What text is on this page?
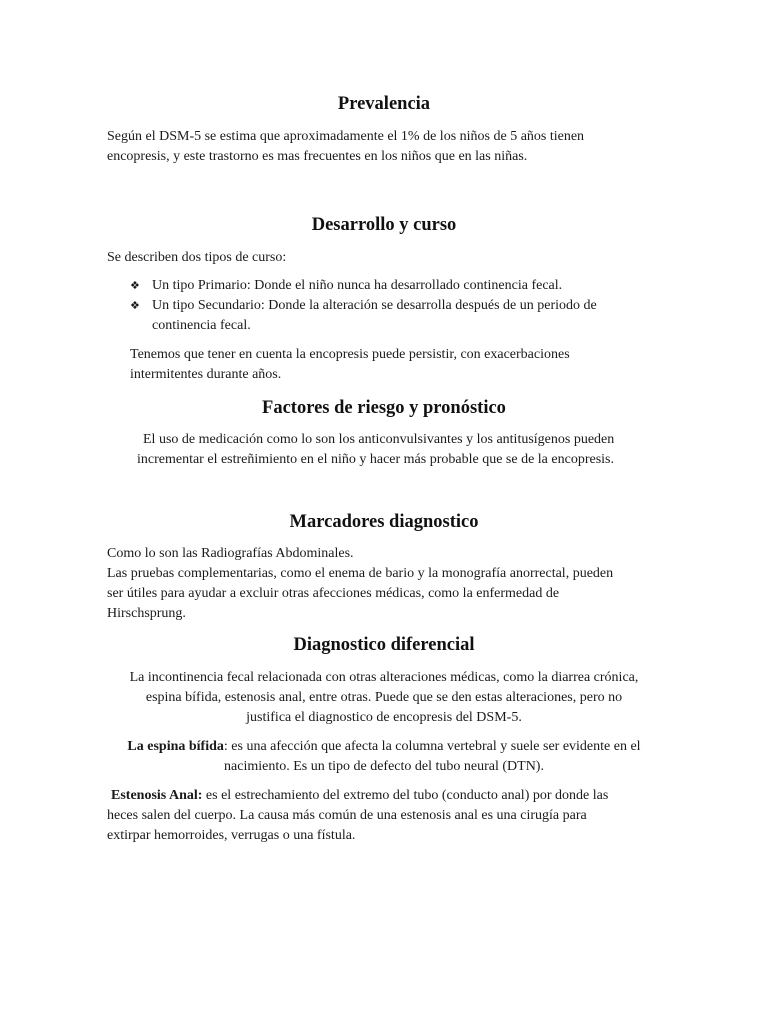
Prevalencia

Según el DSM-5 se estima que aproximadamente el 1% de los niños de 5 años tienen

encopresis, y este trastorno es mas frecuentes en los niños que en las niñas.

Desarrollo y curso

Se describen dos tipos de curso:

❖ Un tipo Primario: Donde el niño nunca ha desarrollado continencia fecal.
❖ Un tipo Secundario: Donde la alteración se desarrolla después de un periodo de continencia fecal.

Tenemos que tener en cuenta la encopresis puede persistir, con exacerbaciones

intermitentes durante años.

Factores de riesgo y pronóstico

El uso de medicación como lo son los anticonvulsivantes y los antitusígenos pueden

incrementar el estreñimiento en el niño y hacer más probable que se de la encopresis.

Marcadores diagnostico

Como lo son las Radiografías Abdominales.

Las pruebas complementarias, como el enema de bario y la monografía anorrectal, pueden

ser útiles para ayudar a excluir otras afecciones médicas, como la enfermedad de

Hirschsprung.

Diagnostico diferencial

La incontinencia fecal relacionada con otras alteraciones médicas, como la diarrea crónica,

espina bífida, estenosis anal, entre otras. Puede que se den estas alteraciones, pero no

justifica el diagnostico de encopresis del DSM-5.

La espina bífida: es una afección que afecta la columna vertebral y suele ser evidente en el

nacimiento. Es un tipo de defecto del tubo neural (DTN).

Estenosis Anal: es el estrechamiento del extremo del tubo (conducto anal) por donde las

heces salen del cuerpo. La causa más común de una estenosis anal es una cirugía para

extirpar hemorroides, verrugas o una fístula.
